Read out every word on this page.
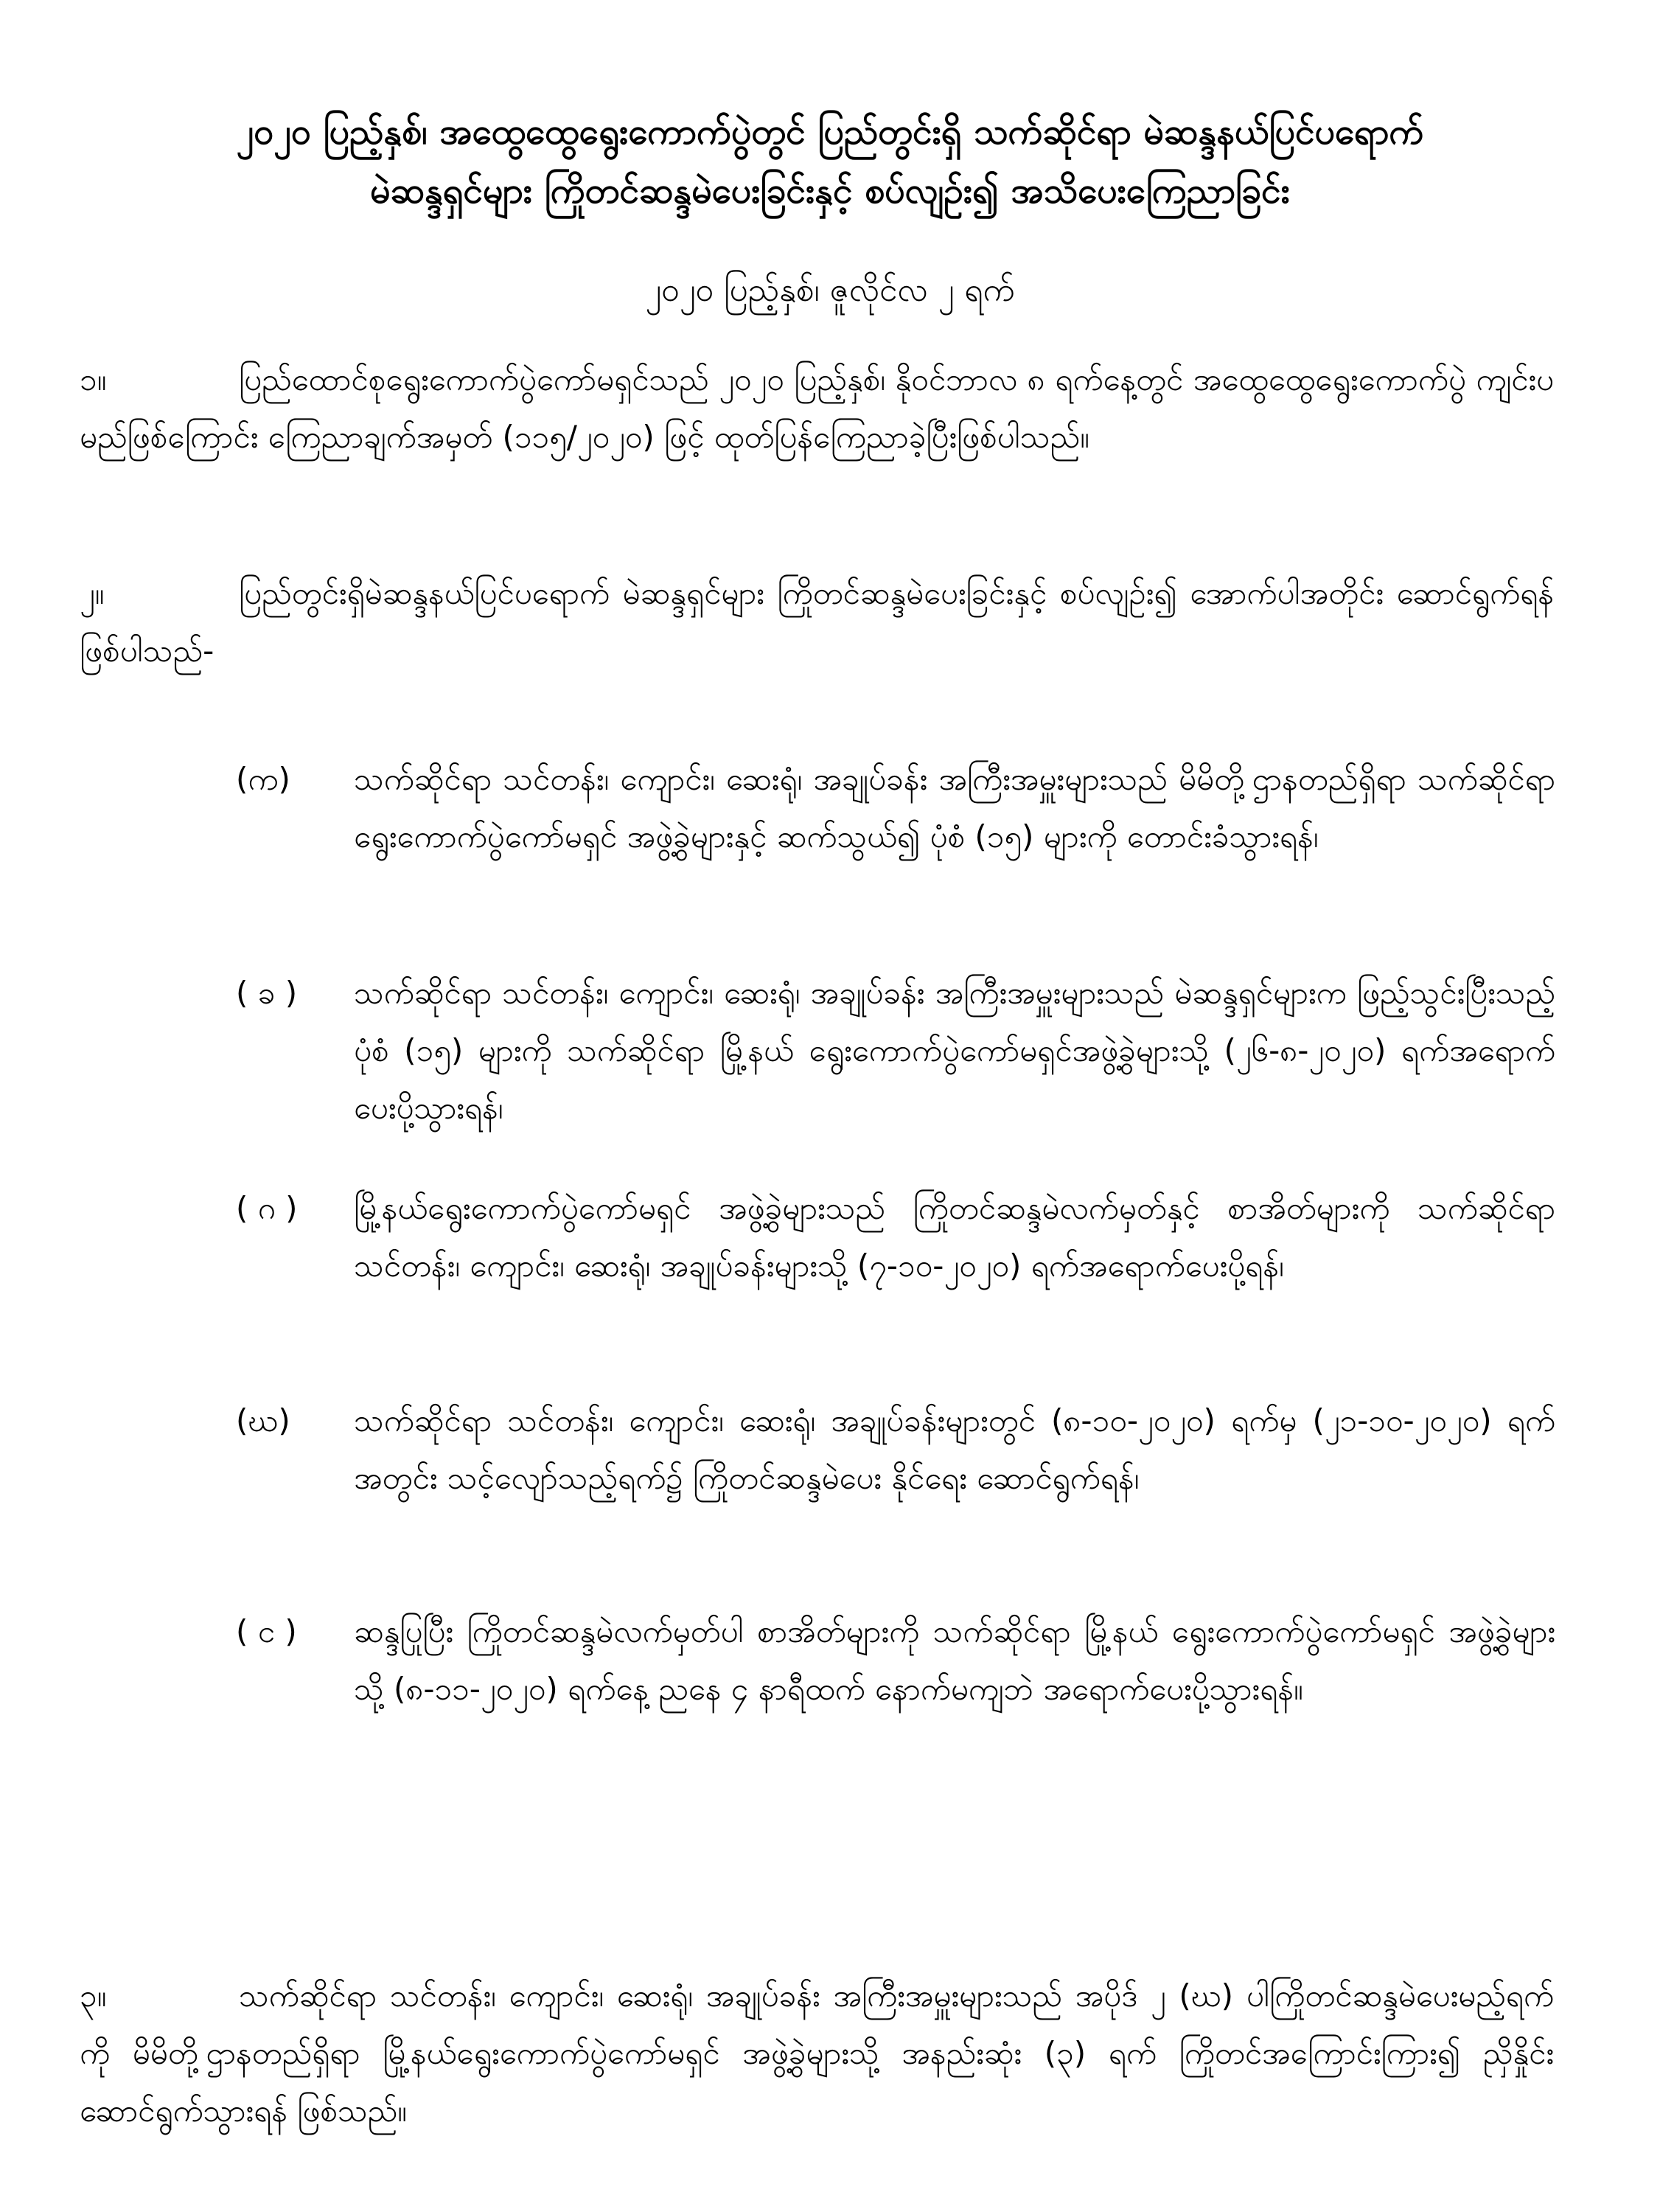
၂၀၂၀ ပြည့်နှစ်၊ အထွေထွေရွေးကောက်ပွဲတွင် ပြည်တွင်းရှိ သက်ဆိုင်ရာ မဲဆန္ဒနယ်ပြင်ပရောက်
မဲဆန္ဒရှင်များ ကြိုတင်ဆန္ဒမဲပေးခြင်းနှင့် စပ်လျဉ်း၍ အသိပေးကြေညာခြင်း
၂၀၂၀ ပြည့်နှစ်၊ ဇူလိုင်လ ၂ ရက်
၁။	ပြည်ထောင်စုရွေးကောက်ပွဲကော်မရှင်သည် ၂၀၂၀ ပြည့်နှစ်၊ နိုဝင်ဘာလ ၈ ရက်နေ့တွင် အထွေထွေရွေးကောက်ပွဲ ကျင်းပမည်ဖြစ်ကြောင်း ကြေညာချက်အမှတ် (၁၁၅/၂၀၂၀) ဖြင့် ထုတ်ပြန်ကြေညာခဲ့ပြီးဖြစ်ပါသည်။
၂။	ပြည်တွင်းရှိမဲဆန္ဒနယ်ပြင်ပရောက် မဲဆန္ဒရှင်များ ကြိုတင်ဆန္ဒမဲပေးခြင်းနှင့် စပ်လျဉ်း၍ အောက်ပါအတိုင်း ဆောင်ရွက်ရန် ဖြစ်ပါသည်-
(က)	သက်ဆိုင်ရာ သင်တန်း၊ ကျောင်း၊ ဆေးရုံ၊ အချုပ်ခန်း အကြီးအမှူးများသည် မိမိတို့ဌာနတည်ရှိရာ သက်ဆိုင်ရာ ရွေးကောက်ပွဲကော်မရှင် အဖွဲ့ခွဲများနှင့် ဆက်သွယ်၍ ပုံစံ (၁၅) များကို တောင်းခံသွားရန်၊
( ခ )	သက်ဆိုင်ရာ သင်တန်း၊ ကျောင်း၊ ဆေးရုံ၊ အချုပ်ခန်း အကြီးအမှူးများသည် မဲဆန္ဒရှင်များက ဖြည့်သွင်းပြီးသည့် ပုံစံ (၁၅) များကို သက်ဆိုင်ရာ မြို့နယ် ရွေးကောက်ပွဲကော်မရှင်အဖွဲ့ခွဲများသို့ (၂၆-၈-၂၀၂၀) ရက်အရောက်ပေးပို့သွားရန်၊
( ဂ )	မြို့နယ်ရွေးကောက်ပွဲကော်မရှင် အဖွဲ့ခွဲများသည် ကြိုတင်ဆန္ဒမဲလက်မှတ်နှင့် စာအိတ်များကို သက်ဆိုင်ရာ သင်တန်း၊ ကျောင်း၊ ဆေးရုံ၊ အချုပ်ခန်းများသို့ (၇-၁၀-၂၀၂၀) ရက်အရောက်ပေးပို့ရန်၊
(ဃ)	သက်ဆိုင်ရာ သင်တန်း၊ ကျောင်း၊ ဆေးရုံ၊ အချုပ်ခန်းများတွင် (၈-၁၀-၂၀၂၀) ရက်မှ (၂၁-၁၀-၂၀၂၀) ရက်အတွင်း သင့်လျော်သည့်ရက်၌ ကြိုတင်ဆန္ဒမဲပေး နိုင်ရေး ဆောင်ရွက်ရန်၊
( င )	ဆန္ဒပြုပြီး ကြိုတင်ဆန္ဒမဲလက်မှတ်ပါ စာအိတ်များကို သက်ဆိုင်ရာ မြို့နယ် ရွေးကောက်ပွဲကော်မရှင် အဖွဲ့ခွဲများသို့ (၈-၁၁-၂၀၂၀) ရက်နေ့ ညနေ ၄ နာရီထက် နောက်မကျဘဲ အရောက်ပေးပို့သွားရန်။
၃။	သက်ဆိုင်ရာ သင်တန်း၊ ကျောင်း၊ ဆေးရုံ၊ အချုပ်ခန်း အကြီးအမှူးများသည် အပိုဒ် ၂ (ဃ) ပါကြိုတင်ဆန္ဒမဲပေးမည့်ရက်ကို မိမိတို့ဌာနတည်ရှိရာ မြို့နယ်ရွေးကောက်ပွဲကော်မရှင် အဖွဲ့ခွဲများသို့ အနည်းဆုံး (၃) ရက် ကြိုတင်အကြောင်းကြား၍ ညှိနှိုင်းဆောင်ရွက်သွားရန် ဖြစ်သည်။
